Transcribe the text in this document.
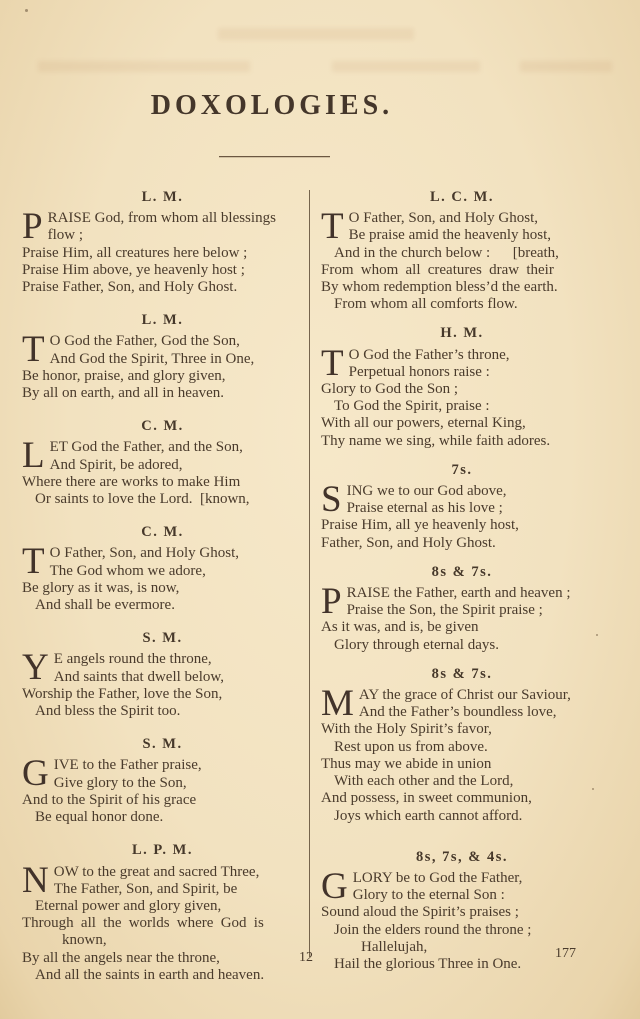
DOXOLOGIES.
L. M.
P RAISE God, from whom all blessings
flow ;
Praise Him, all creatures here below ;
Praise Him above, ye heavenly host ;
Praise Father, Son, and Holy Ghost.
L. M.
T O God the Father, God the Son,
And God the Spirit, Three in One,
Be honor, praise, and glory given,
By all on earth, and all in heaven.
C. M.
L ET God the Father, and the Son,
And Spirit, be adored,
Where there are works to make Him
Or saints to love the Lord.  [known,
C. M.
T O Father, Son, and Holy Ghost,
The God whom we adore,
Be glory as it was, is now,
And shall be evermore.
S. M.
Y E angels round the throne,
And saints that dwell below,
Worship the Father, love the Son,
And bless the Spirit too.
S. M.
G IVE to the Father praise,
Give glory to the Son,
And to the Spirit of his grace
Be equal honor done.
L. P. M.
N OW to the great and sacred Three,
The Father, Son, and Spirit, be
Eternal power and glory given,
Through all the worlds where God is
known,
By all the angels near the throne,
And all the saints in earth and heaven.
L. C. M.
T O Father, Son, and Holy Ghost,
Be praise amid the heavenly host,
And in the church below :      [breath,
From whom all creatures draw their
By whom redemption bless’d the earth.
From whom all comforts flow.
H. M.
T O God the Father’s throne,
Perpetual honors raise :
Glory to God the Son ;
To God the Spirit, praise :
With all our powers, eternal King,
Thy name we sing, while faith adores.
7s.
S ING we to our God above,
Praise eternal as his love ;
Praise Him, all ye heavenly host,
Father, Son, and Holy Ghost.
8s & 7s.
P RAISE the Father, earth and heaven ;
Praise the Son, the Spirit praise ;
As it was, and is, be given
Glory through eternal days.
8s & 7s.
M AY the grace of Christ our Saviour,
And the Father’s boundless love,
With the Holy Spirit’s favor,
Rest upon us from above.
Thus may we abide in union
With each other and the Lord,
And possess, in sweet communion,
Joys which earth cannot afford.
8s, 7s, & 4s.
G LORY be to God the Father,
Glory to the eternal Son :
Sound aloud the Spirit’s praises ;
Join the elders round the throne ;
Hallelujah,
Hail the glorious Three in One.
12	177
